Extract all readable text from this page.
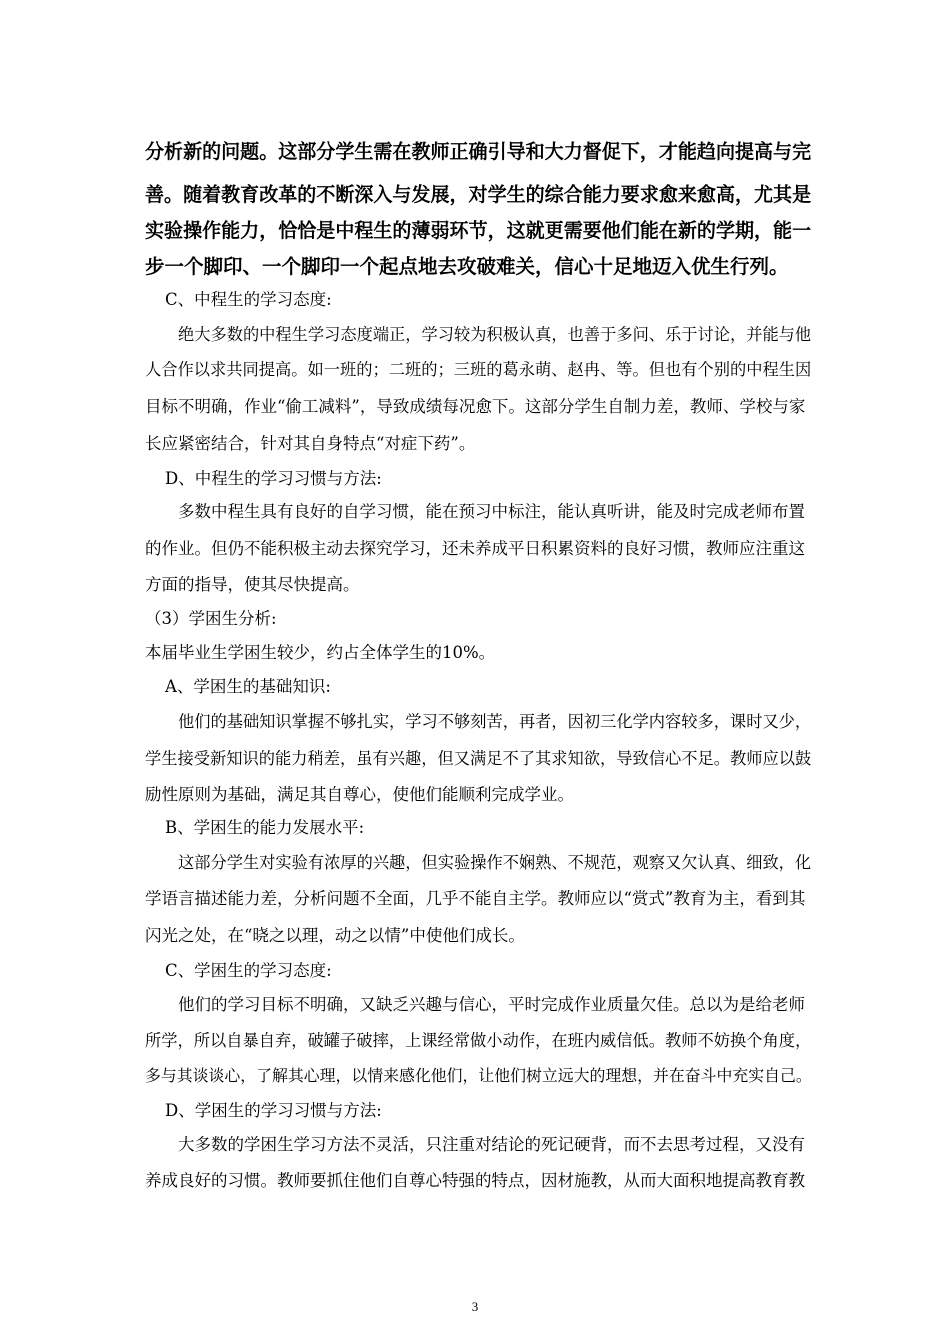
分析新的问题。这部分学生需在教师正确引导和大力督促下，才能趋向提高与完
善。随着教育改革的不断深入与发展，对学生的综合能力要求愈来愈高，尤其是
实验操作能力，恰恰是中程生的薄弱环节，这就更需要他们能在新的学期，能一
步一个脚印、一个脚印一个起点地去攻破难关，信心十足地迈入优生行列。
C、中程生的学习态度:
绝大多数的中程生学习态度端正，学习较为积极认真，也善于多问、乐于讨论，并能与他
人合作以求共同提高。如一班的；二班的；三班的葛永萌、赵冉、等。但也有个别的中程生因
目标不明确，作业“偷工减料”，导致成绩每况愈下。这部分学生自制力差，教师、学校与家
长应紧密结合，针对其自身特点“对症下药”。
D、中程生的学习习惯与方法:
多数中程生具有良好的自学习惯，能在预习中标注，能认真听讲，能及时完成老师布置
的作业。但仍不能积极主动去探究学习，还未养成平日积累资料的良好习惯，教师应注重这
方面的指导，使其尽快提高。
（3）学困生分析:
本届毕业生学困生较少，约占全体学生的10%。
A、学困生的基础知识:
他们的基础知识掌握不够扎实，学习不够刻苦，再者，因初三化学内容较多，课时又少，
学生接受新知识的能力稍差，虽有兴趣，但又满足不了其求知欲，导致信心不足。教师应以鼓
励性原则为基础，满足其自尊心，使他们能顺利完成学业。
B、学困生的能力发展水平:
这部分学生对实验有浓厚的兴趣，但实验操作不娴熟、不规范，观察又欠认真、细致，化
学语言描述能力差，分析问题不全面，几乎不能自主学。教师应以“赏式”教育为主，看到其
闪光之处，在“晓之以理，动之以情”中使他们成长。
C、学困生的学习态度:
他们的学习目标不明确，又缺乏兴趣与信心，平时完成作业质量欠佳。总以为是给老师
所学，所以自暴自弃，破罐子破摔，上课经常做小动作，在班内威信低。教师不妨换个角度，
多与其谈谈心，了解其心理，以情来感化他们，让他们树立远大的理想，并在奋斗中充实自己。
D、学困生的学习习惯与方法:
大多数的学困生学习方法不灵活，只注重对结论的死记硬背，而不去思考过程，又没有
养成良好的习惯。教师要抓住他们自尊心特强的特点，因材施教，从而大面积地提高教育教
3
